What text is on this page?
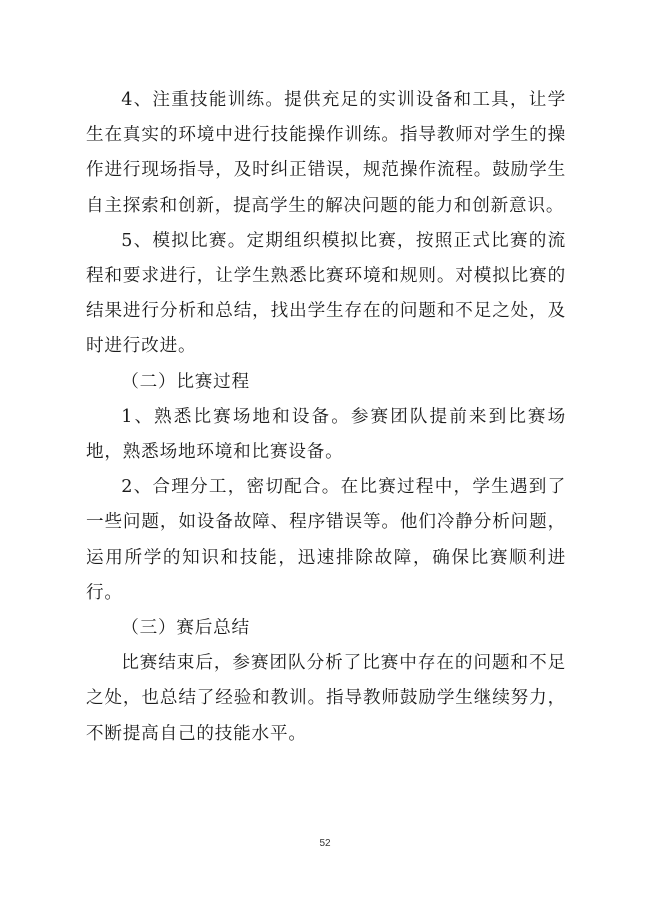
4、注重技能训练。提供充足的实训设备和工具，让学生在真实的环境中进行技能操作训练。指导教师对学生的操作进行现场指导，及时纠正错误，规范操作流程。鼓励学生自主探索和创新，提高学生的解决问题的能力和创新意识。

5、模拟比赛。定期组织模拟比赛，按照正式比赛的流程和要求进行，让学生熟悉比赛环境和规则。对模拟比赛的结果进行分析和总结，找出学生存在的问题和不足之处，及时进行改进。

（二）比赛过程

1、熟悉比赛场地和设备。参赛团队提前来到比赛场地，熟悉场地环境和比赛设备。

2、合理分工，密切配合。在比赛过程中，学生遇到了一些问题，如设备故障、程序错误等。他们冷静分析问题，运用所学的知识和技能，迅速排除故障，确保比赛顺利进行。

（三）赛后总结

比赛结束后，参赛团队分析了比赛中存在的问题和不足之处，也总结了经验和教训。指导教师鼓励学生继续努力，不断提高自己的技能水平。

52
